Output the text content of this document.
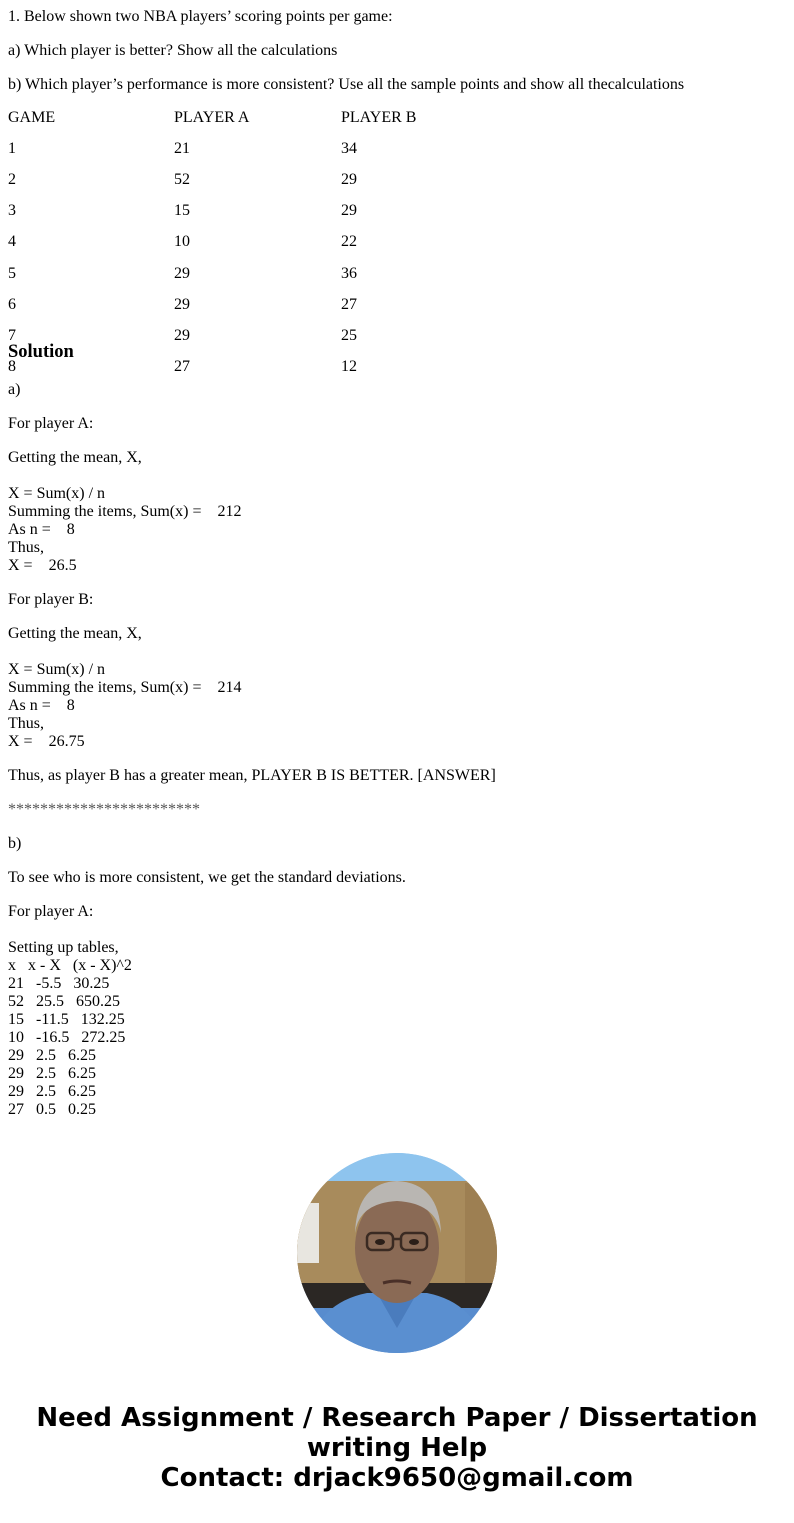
1. Below shown two NBA players’ scoring points per game:
a) Which player is better? Show all the calculations
b) Which player’s performance is more consistent? Use all the sample points and show all thecalculations
GAME	PLAYER A	PLAYER B
1	21	34
2	52	29
3	15	29
4	10	22
5	29	36
6	29	27
7	29	25
8	27	12
Solution
a)
For player A:
Getting the mean, X,
X = Sum(x) / n
Summing the items, Sum(x) =    212
As n =    8
Thus,
X =    26.5
For player B:
Getting the mean, X,
X = Sum(x) / n
Summing the items, Sum(x) =    214
As n =    8
Thus,
X =    26.75
Thus, as player B has a greater mean, PLAYER B IS BETTER. [ANSWER]
************************
b)
To see who is more consistent, we get the standard deviations.
For player A:
Setting up tables,
x   x - X   (x - X)^2
21   -5.5   30.25
52   25.5   650.25
15   -11.5   132.25
10   -16.5   272.25
29   2.5   6.25
29   2.5   6.25
29   2.5   6.25
27   0.5   0.25
Need Assignment / Research Paper / Dissertation
writing Help
Contact: drjack9650@gmail.com
